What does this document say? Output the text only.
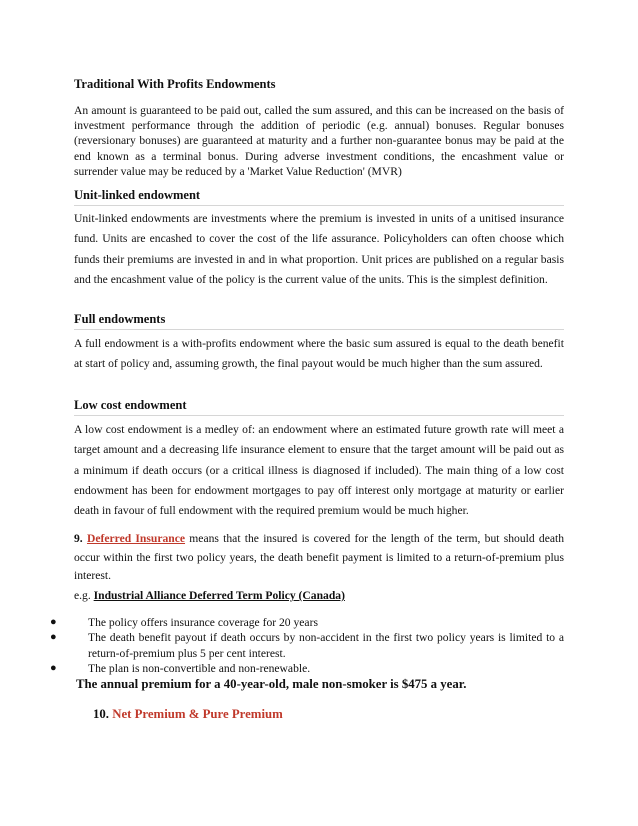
Traditional With Profits Endowments
An amount is guaranteed to be paid out, called the sum assured, and this can be increased on the basis of investment performance through the addition of periodic (e.g. annual) bonuses. Regular bonuses (reversionary bonuses) are guaranteed at maturity and a further non-guarantee bonus may be paid at the end known as a terminal bonus. During adverse investment conditions, the encashment value or surrender value may be reduced by a 'Market Value Reduction' (MVR)
Unit-linked endowment
Unit-linked endowments are investments where the premium is invested in units of a unitised insurance fund. Units are encashed to cover the cost of the life assurance. Policyholders can often choose which funds their premiums are invested in and in what proportion. Unit prices are published on a regular basis and the encashment value of the policy is the current value of the units. This is the simplest definition.
Full endowments
A full endowment is a with-profits endowment where the basic sum assured is equal to the death benefit at start of policy and, assuming growth, the final payout would be much higher than the sum assured.
Low cost endowment
A low cost endowment is a medley of: an endowment where an estimated future growth rate will meet a target amount and a decreasing life insurance element to ensure that the target amount will be paid out as a minimum if death occurs (or a critical illness is diagnosed if included). The main thing of a low cost endowment has been for endowment mortgages to pay off interest only mortgage at maturity or earlier death in favour of full endowment with the required premium would be much higher.
9. Deferred Insurance means that the insured is covered for the length of the term, but should death occur within the first two policy years, the death benefit payment is limited to a return-of-premium plus interest.
e.g. Industrial Alliance Deferred Term Policy (Canada)
●	The policy offers insurance coverage for 20 years
●	The death benefit payout if death occurs by non-accident in the first two policy years is limited to a return-of-premium plus 5 per cent interest.
●	The plan is non-convertible and non-renewable.
The annual premium for a 40-year-old, male non-smoker is $475 a year.
10. Net Premium & Pure Premium
